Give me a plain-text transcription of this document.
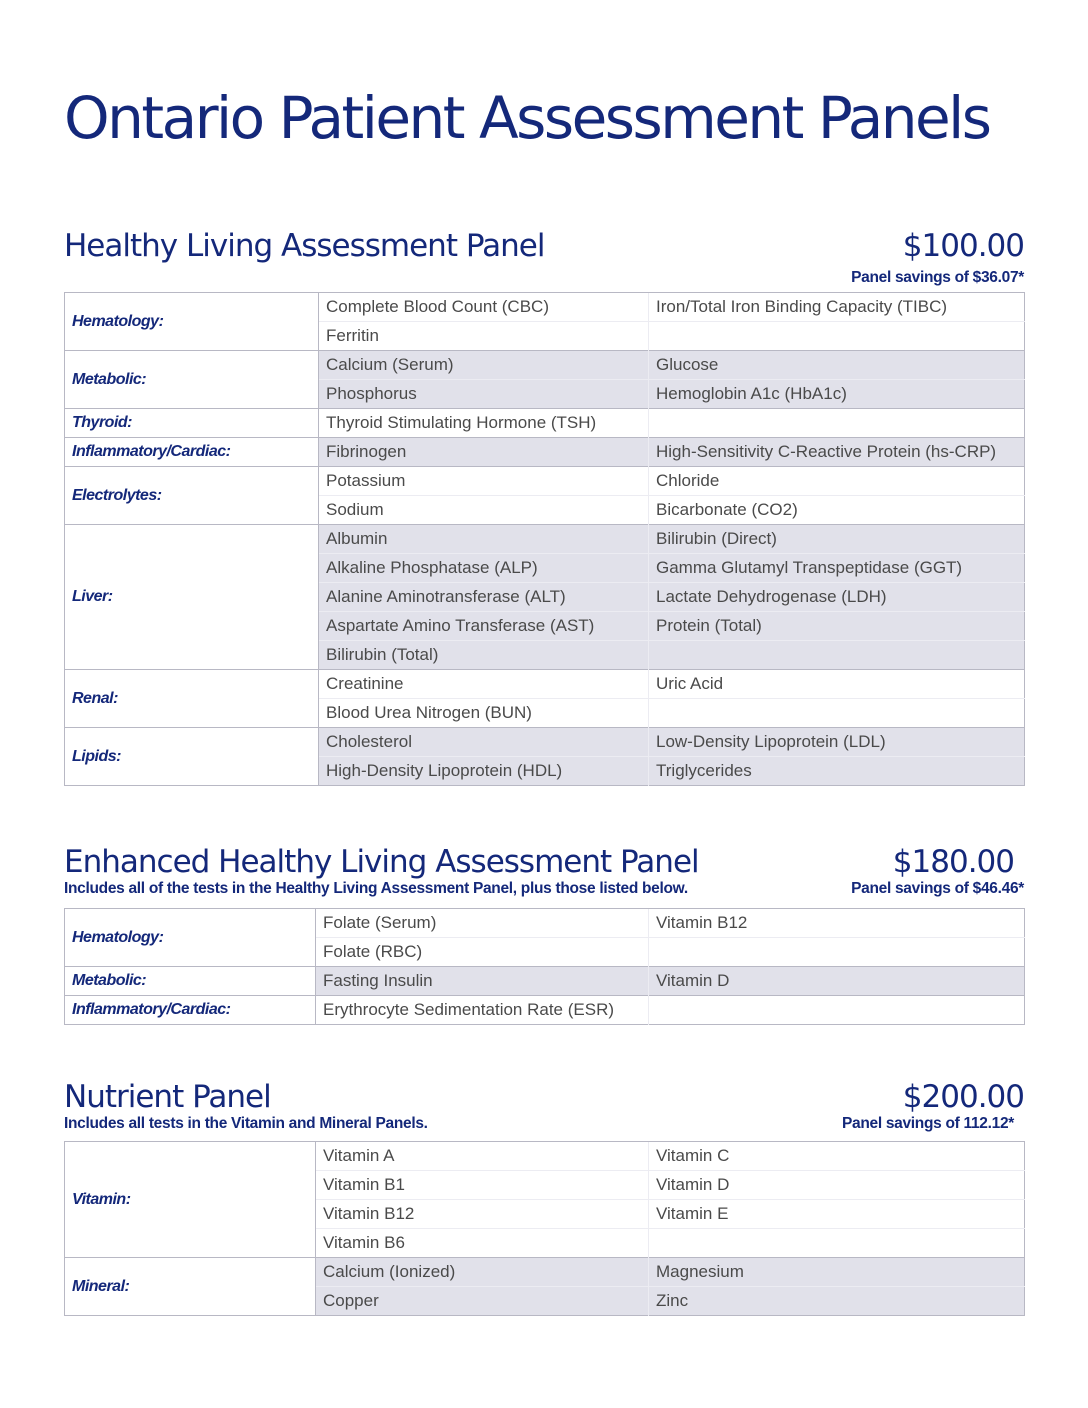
Ontario Patient Assessment Panels
Healthy Living Assessment Panel	$100.00
Panel savings of $36.07*
Hematology:	Complete Blood Count (CBC)	Iron/Total Iron Binding Capacity (TIBC)
	Ferritin	
Metabolic:	Calcium (Serum)	Glucose
	Phosphorus	Hemoglobin A1c (HbA1c)
Thyroid:	Thyroid Stimulating Hormone (TSH)	
Inflammatory/Cardiac:	Fibrinogen	High-Sensitivity C-Reactive Protein (hs-CRP)
Electrolytes:	Potassium	Chloride
	Sodium	Bicarbonate (CO2)
Liver:	Albumin	Bilirubin (Direct)
	Alkaline Phosphatase (ALP)	Gamma Glutamyl Transpeptidase (GGT)
	Alanine Aminotransferase (ALT)	Lactate Dehydrogenase (LDH)
	Aspartate Amino Transferase (AST)	Protein (Total)
	Bilirubin (Total)	
Renal:	Creatinine	Uric Acid
	Blood Urea Nitrogen (BUN)	
Lipids:	Cholesterol	Low-Density Lipoprotein (LDL)
	High-Density Lipoprotein (HDL)	Triglycerides
Enhanced Healthy Living Assessment Panel	$180.00
Includes all of the tests in the Healthy Living Assessment Panel, plus those listed below.	Panel savings of $46.46*
Hematology:	Folate (Serum)	Vitamin B12
	Folate (RBC)	
Metabolic:	Fasting Insulin	Vitamin D
Inflammatory/Cardiac:	Erythrocyte Sedimentation Rate (ESR)	
Nutrient Panel	$200.00
Includes all tests in the Vitamin and Mineral Panels.	Panel savings of 112.12*
Vitamin:	Vitamin A	Vitamin C
	Vitamin B1	Vitamin D
	Vitamin B12	Vitamin E
	Vitamin B6	
Mineral:	Calcium (Ionized)	Magnesium
	Copper	Zinc
